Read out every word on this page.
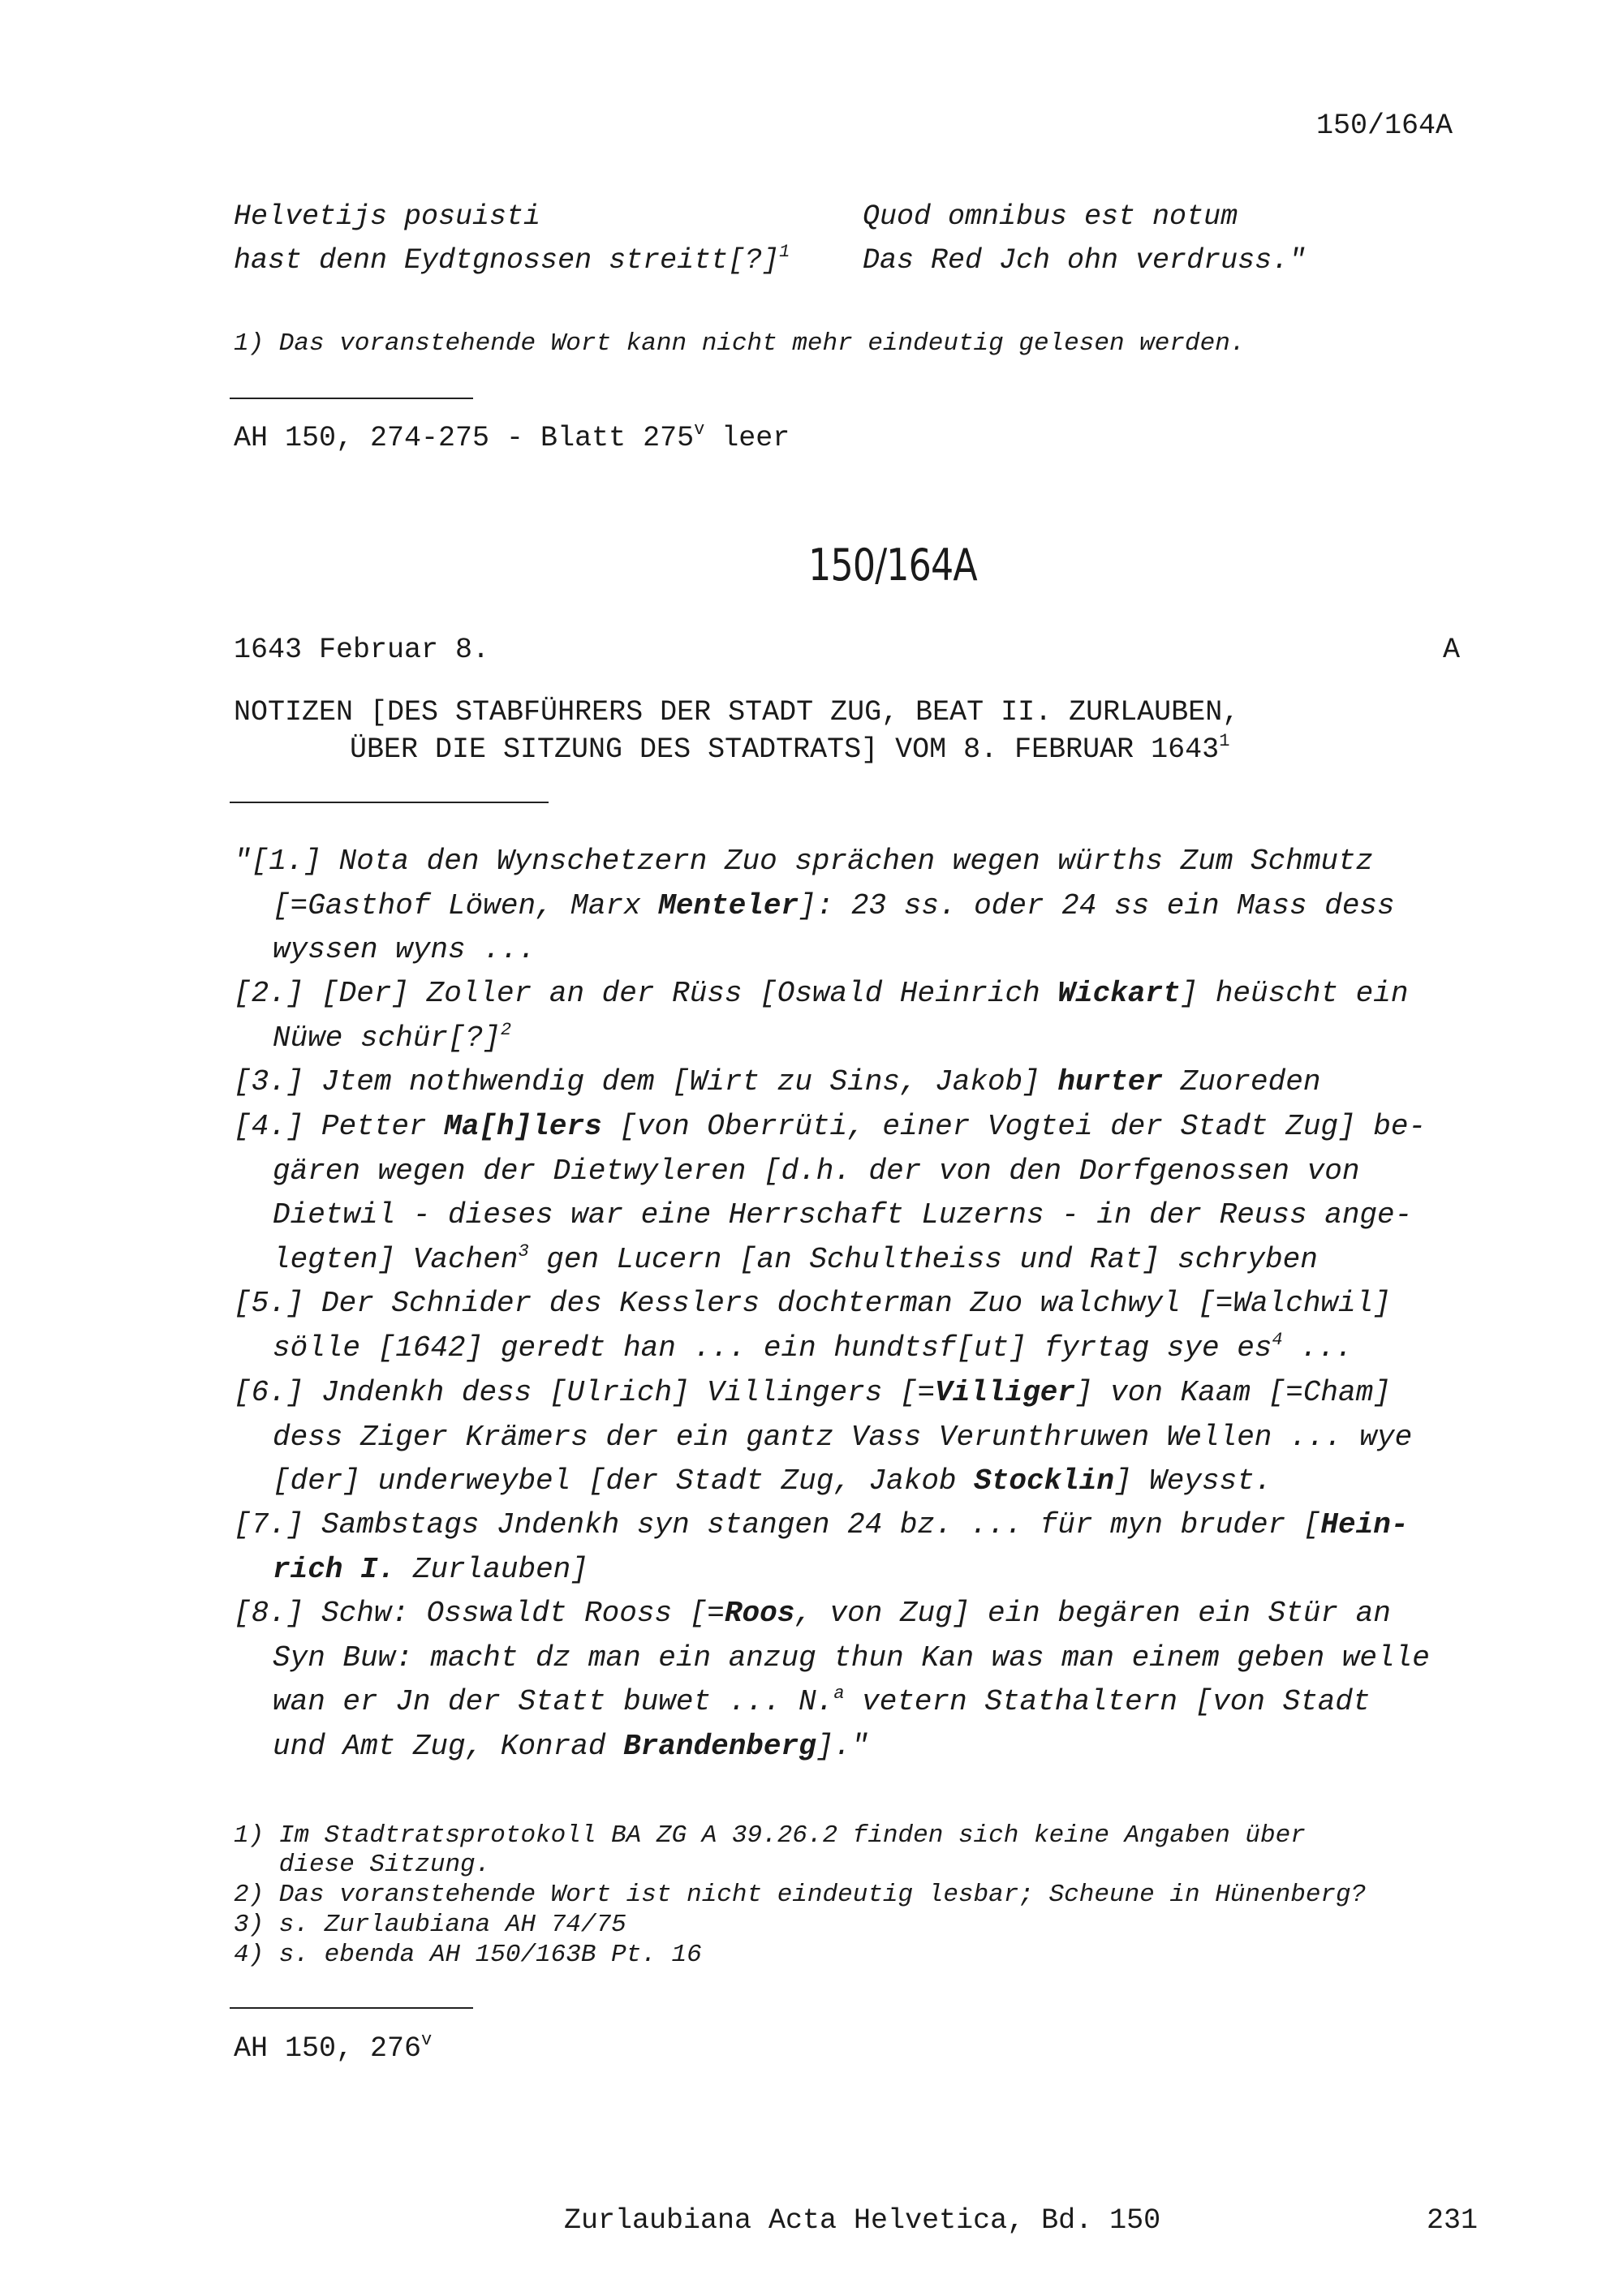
150/164A
Helvetijs posuisti	Quod omnibus est notum
hast denn Eydtgnossen streitt[?]$^1$	Das Red Jch ohn verdruss."
1) Das voranstehende Wort kann nicht mehr eindeutig gelesen werden.
AH 150, 274-275 - Blatt 275$^v$ leer
150/164A
1643 Februar 8.	A
NOTIZEN [DES STABFÜHRERS DER STADT ZUG, BEAT II. ZURLAUBEN,
ÜBER DIE SITZUNG DES STADTRATS] VOM 8. FEBRUAR 1643$^1$
"[1.] Nota den Wynschetzern Zuo sprächen wegen würths Zum Schmutz
[=Gasthof Löwen, Marx Menteler]: 23 ss. oder 24 ss ein Mass dess
wyssen wyns ...
[2.] [Der] Zoller an der Rüss [Oswald Heinrich Wickart] heüscht ein
Nüwe schür[?]$^2$
[3.] Jtem nothwendig dem [Wirt zu Sins, Jakob] hurter Zuoreden
[4.] Petter Ma[h]lers [von Oberrüti, einer Vogtei der Stadt Zug] be-
gären wegen der Dietwyleren [d.h. der von den Dorfgenossen von
Dietwil - dieses war eine Herrschaft Luzerns - in der Reuss ange-
legten] Vachen$^3$ gen Lucern [an Schultheiss und Rat] schryben
[5.] Der Schnider des Kesslers dochterman Zuo walchwyl [=Walchwil]
sölle [1642] geredt han ... ein hundtsf[ut] fyrtag sye $es^4$ ...
[6.] Jndenkh dess [Ulrich] Villingers [=Villiger] von Kaam [=Cham]
dess Ziger Krämers der ein gantz Vass Verunthruwen Wellen ... wye
[der] underweybel [der Stadt Zug, Jakob Stocklin] Weysst.
[7.] Sambstags Jndenkh syn stangen 24 bz. ... für myn bruder [Hein-
rich I. Zurlauben]
[8.] Schw: Osswaldt Rooss [=Roos, von Zug] ein begären ein Stür an
Syn Buw: macht dz man ein anzug thun Kan was man einem geben welle
wan er Jn der Statt buwet ... N.$^a$ vetern Stathaltern [von Stadt
und Amt Zug, Konrad Brandenberg]."
1) Im Stadtratsprotokoll BA ZG A 39.26.2 finden sich keine Angaben über
diese Sitzung.
2) Das voranstehende Wort ist nicht eindeutig lesbar; Scheune in Hünenberg?
3) s. Zurlaubiana AH 74/75
4) s. ebenda AH 150/163B Pt. 16
AH 150, 276$^v$
Zurlaubiana Acta Helvetica, Bd. 150	231
